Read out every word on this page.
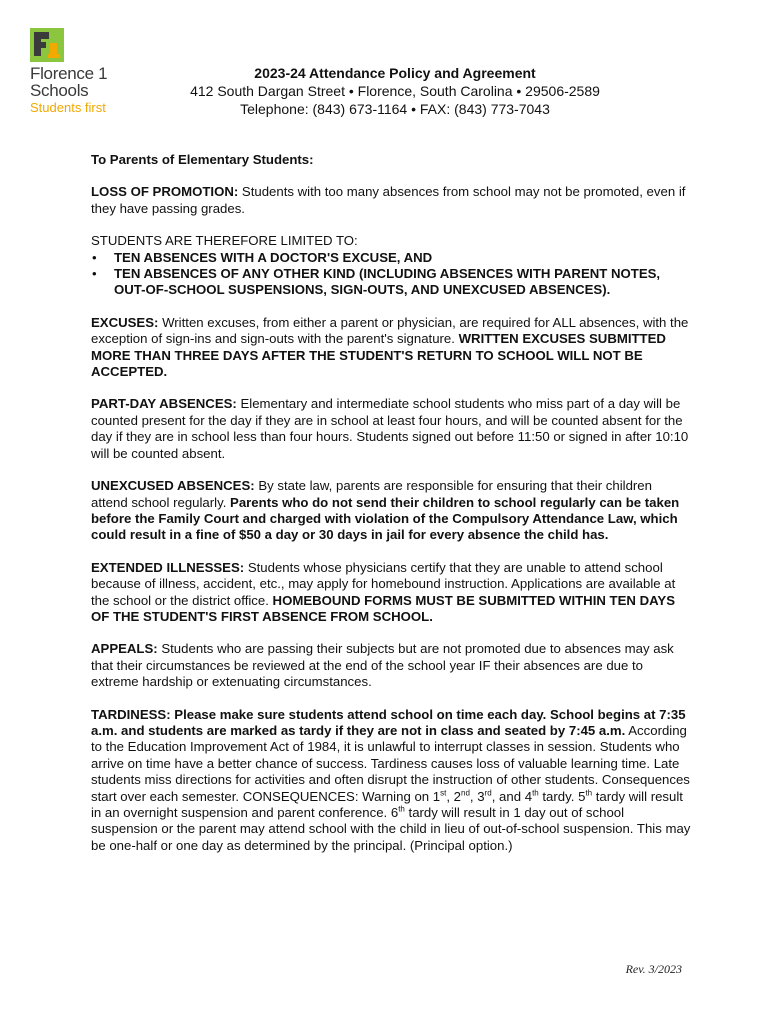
Florence 1
Schools
Students first
2023-24 Attendance Policy and Agreement
412 South Dargan Street • Florence, South Carolina • 29506-2589
Telephone: (843) 673-1164 • FAX: (843) 773-7043

To Parents of Elementary Students:

LOSS OF PROMOTION: Students with too many absences from school may not be promoted, even if they have passing grades.

STUDENTS ARE THEREFORE LIMITED TO:
• TEN ABSENCES WITH A DOCTOR'S EXCUSE, AND
• TEN ABSENCES OF ANY OTHER KIND (INCLUDING ABSENCES WITH PARENT NOTES, OUT-OF-SCHOOL SUSPENSIONS, SIGN-OUTS, AND UNEXCUSED ABSENCES).

EXCUSES: Written excuses, from either a parent or physician, are required for ALL absences, with the exception of sign-ins and sign-outs with the parent's signature. WRITTEN EXCUSES SUBMITTED MORE THAN THREE DAYS AFTER THE STUDENT'S RETURN TO SCHOOL WILL NOT BE ACCEPTED.

PART-DAY ABSENCES: Elementary and intermediate school students who miss part of a day will be counted present for the day if they are in school at least four hours, and will be counted absent for the day if they are in school less than four hours. Students signed out before 11:50 or signed in after 10:10 will be counted absent.

UNEXCUSED ABSENCES: By state law, parents are responsible for ensuring that their children attend school regularly. Parents who do not send their children to school regularly can be taken before the Family Court and charged with violation of the Compulsory Attendance Law, which could result in a fine of $50 a day or 30 days in jail for every absence the child has.

EXTENDED ILLNESSES: Students whose physicians certify that they are unable to attend school because of illness, accident, etc., may apply for homebound instruction. Applications are available at the school or the district office. HOMEBOUND FORMS MUST BE SUBMITTED WITHIN TEN DAYS OF THE STUDENT'S FIRST ABSENCE FROM SCHOOL.

APPEALS: Students who are passing their subjects but are not promoted due to absences may ask that their circumstances be reviewed at the end of the school year IF their absences are due to extreme hardship or extenuating circumstances.

TARDINESS: Please make sure students attend school on time each day. School begins at 7:35 a.m. and students are marked as tardy if they are not in class and seated by 7:45 a.m. According to the Education Improvement Act of 1984, it is unlawful to interrupt classes in session. Students who arrive on time have a better chance of success. Tardiness causes loss of valuable learning time. Late students miss directions for activities and often disrupt the instruction of other students. Consequences start over each semester. CONSEQUENCES: Warning on 1st, 2nd, 3rd, and 4th tardy. 5th tardy will result in an overnight suspension and parent conference. 6th tardy will result in 1 day out of school suspension or the parent may attend school with the child in lieu of out-of-school suspension. This may be one-half or one day as determined by the principal. (Principal option.)

Rev. 3/2023
